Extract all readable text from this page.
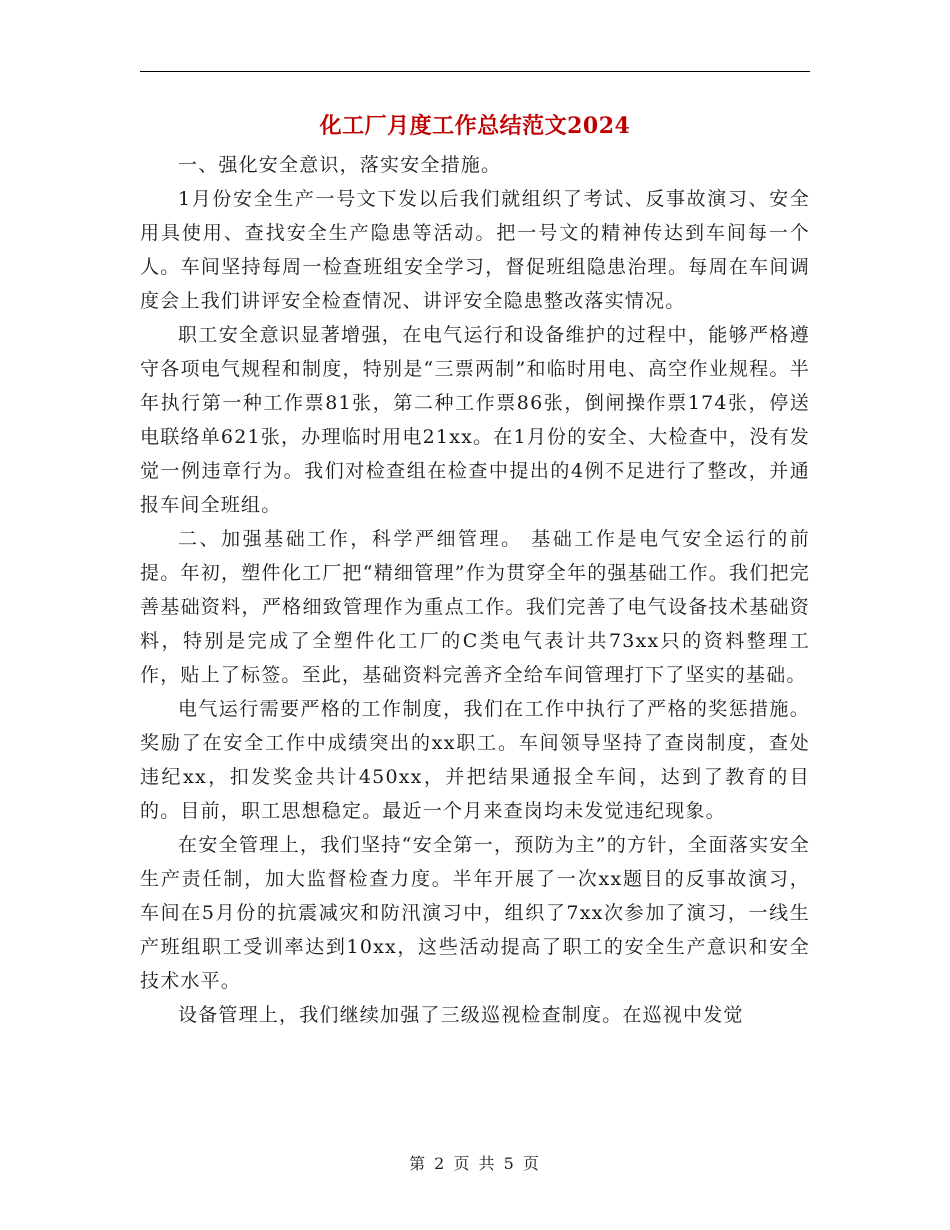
化工厂月度工作总结范文2024

一、强化安全意识，落实安全措施。

1月份安全生产一号文下发以后我们就组织了考试、反事故演习、安全用具使用、查找安全生产隐患等活动。把一号文的精神传达到车间每一个人。车间坚持每周一检查班组安全学习，督促班组隐患治理。每周在车间调度会上我们讲评安全检查情况、讲评安全隐患整改落实情况。

职工安全意识显著增强，在电气运行和设备维护的过程中，能够严格遵守各项电气规程和制度，特别是“三票两制”和临时用电、高空作业规程。半年执行第一种工作票81张，第二种工作票86张，倒闸操作票174张，停送电联络单621张，办理临时用电21xx。在1月份的安全、大检查中，没有发觉一例违章行为。我们对检查组在检查中提出的4例不足进行了整改，并通报车间全班组。

二、加强基础工作，科学严细管理。 基础工作是电气安全运行的前提。年初，塑件化工厂把“精细管理”作为贯穿全年的强基础工作。我们把完善基础资料，严格细致管理作为重点工作。我们完善了电气设备技术基础资料，特别是完成了全塑件化工厂的C类电气表计共73xx只的资料整理工作，贴上了标签。至此，基础资料完善齐全给车间管理打下了坚实的基础。

电气运行需要严格的工作制度，我们在工作中执行了严格的奖惩措施。奖励了在安全工作中成绩突出的xx职工。车间领导坚持了查岗制度，查处违纪xx，扣发奖金共计450xx，并把结果通报全车间，达到了教育的目的。目前，职工思想稳定。最近一个月来查岗均未发觉违纪现象。

在安全管理上，我们坚持“安全第一，预防为主”的方针，全面落实安全生产责任制，加大监督检查力度。半年开展了一次xx题目的反事故演习，车间在5月份的抗震减灾和防汛演习中，组织了7xx次参加了演习，一线生产班组职工受训率达到10xx，这些活动提高了职工的安全生产意识和安全技术水平。

设备管理上，我们继续加强了三级巡视检查制度。在巡视中发觉

第 2 页 共 5 页
